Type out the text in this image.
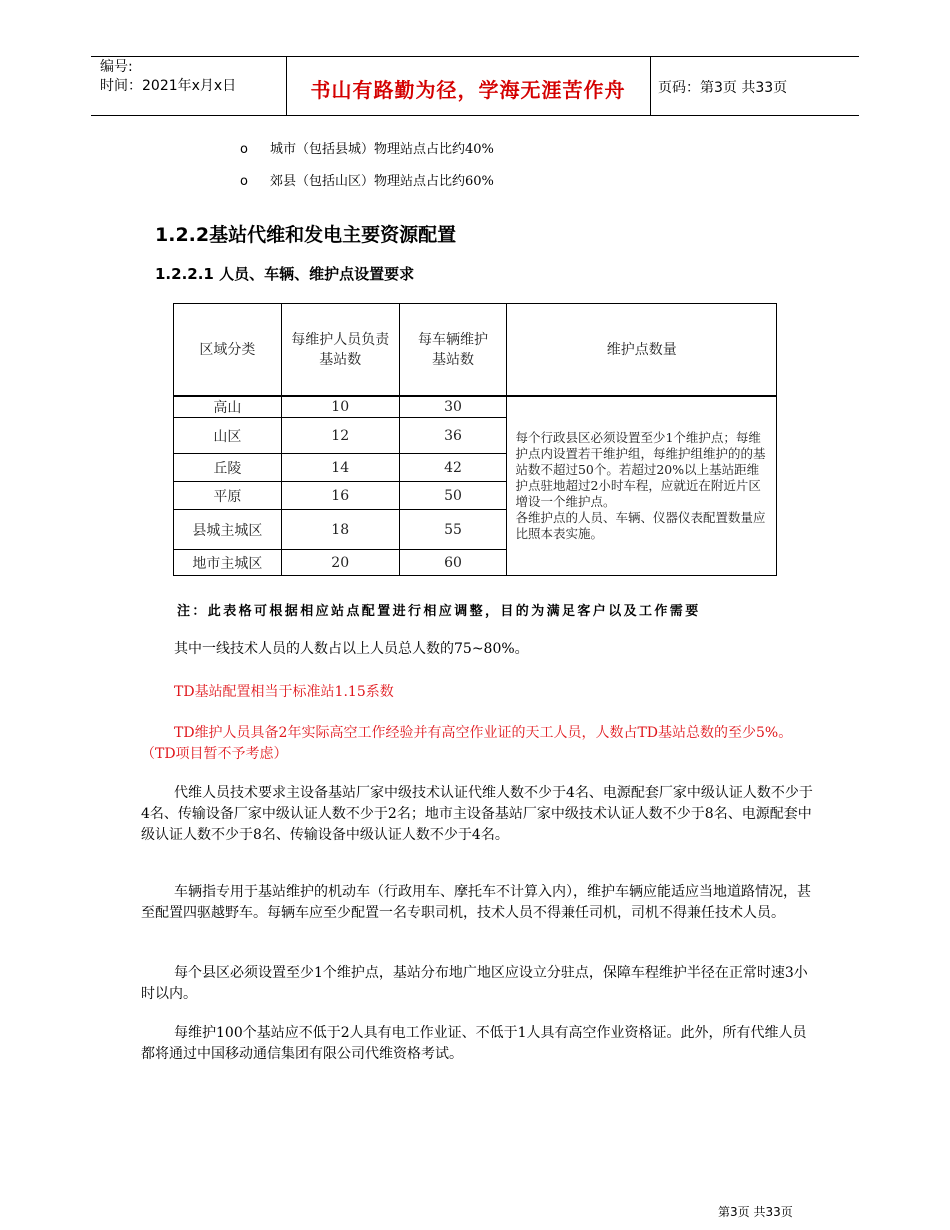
编号:
时间：2021年x月x日	书山有路勤为径，学海无涯苦作舟	页码：第3页 共33页
o 城市（包括县城）物理站点占比约40%
o 郊县（包括山区）物理站点占比约60%
1.2.2基站代维和发电主要资源配置
1.2.2.1 人员、车辆、维护点设置要求
区域分类	每维护人员负责基站数	每车辆维护基站数	维护点数量
高山	10	30	每个行政县区必须设置至少1个维护点；每维护点内设置若干维护组，每维护组维护的的基站数不超过50个。若超过20%以上基站距维护点驻地超过2小时车程，应就近在附近片区增设一个维护点。
各维护点的人员、车辆、仪器仪表配置数量应比照本表实施。

山区	12	36	
丘陵	14	42	
平原	16	50	
县城主城区	18	55	
地市主城区	20	60	
注：此表格可根据相应站点配置进行相应调整，目的为满足客户以及工作需要
其中一线技术人员的人数占以上人员总人数的75~80%。
TD基站配置相当于标准站1.15系数
TD维护人员具备2年实际高空工作经验并有高空作业证的天工人员，人数占TD基站总数的至少5%。（TD项目暂不予考虑）
代维人员技术要求主设备基站厂家中级技术认证代维人数不少于4名、电源配套厂家中级认证人数不少于4名、传输设备厂家中级认证人数不少于2名；地市主设备基站厂家中级技术认证人数不少于8名、电源配套中级认证人数不少于8名、传输设备中级认证人数不少于4名。
车辆指专用于基站维护的机动车（行政用车、摩托车不计算入内），维护车辆应能适应当地道路情况，甚至配置四驱越野车。每辆车应至少配置一名专职司机，技术人员不得兼任司机，司机不得兼任技术人员。
每个县区必须设置至少1个维护点，基站分布地广地区应设立分驻点，保障车程维护半径在正常时速3小时以内。
每维护100个基站应不低于2人具有电工作业证、不低于1人具有高空作业资格证。此外，所有代维人员都将通过中国移动通信集团有限公司代维资格考试。
第3页 共33页
